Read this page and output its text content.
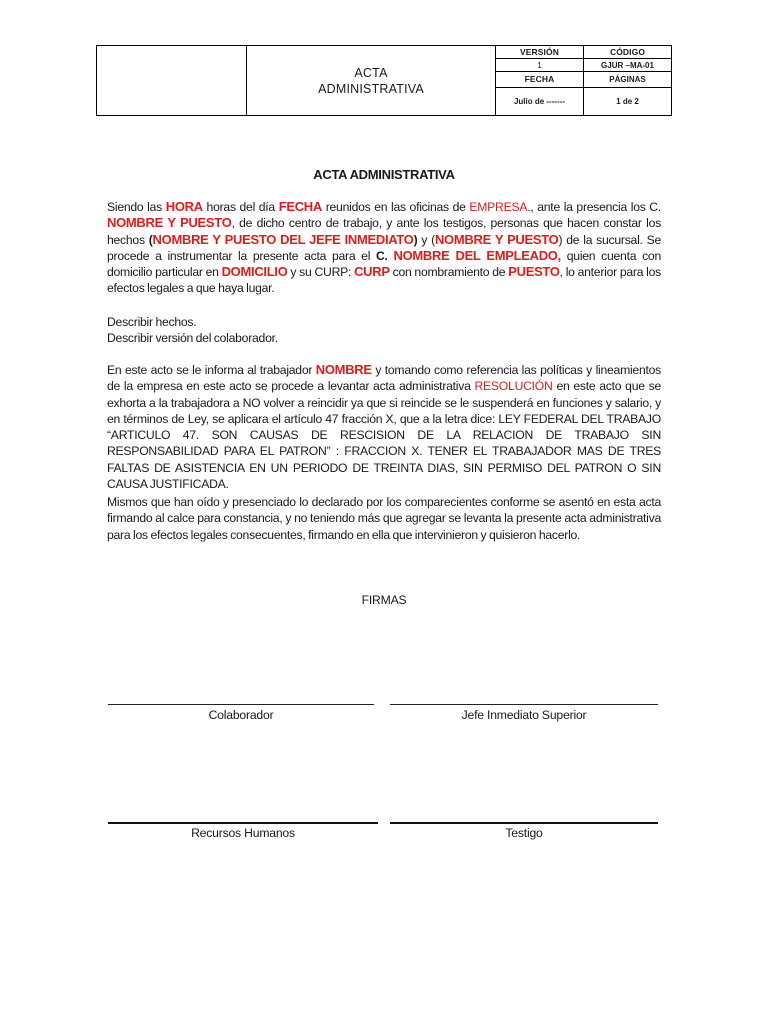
	ACTA
ADMINISTRATIVA	VERSIÓN	CÓDIGO
		1	GJUR –MA-01
		FECHA	PÁGINAS
		Julio de -------	1 de 2
ACTA ADMINISTRATIVA
Siendo las HORA horas del día FECHA reunidos en las oficinas de EMPRESA., ante la presencia los C. NOMBRE Y PUESTO, de dicho centro de trabajo, y ante los testigos, personas que hacen constar los hechos (NOMBRE Y PUESTO DEL JEFE INMEDIATO) y (NOMBRE Y PUESTO) de la sucursal. Se procede a instrumentar la presente acta para el C. NOMBRE DEL EMPLEADO, quien cuenta con domicilio particular en DOMICILIO y su CURP: CURP con nombramiento de PUESTO, lo anterior para los efectos legales a que haya lugar.
Describir hechos.
Describir versión del colaborador.
En este acto se le informa al trabajador NOMBRE y tomando como referencia las políticas y lineamientos de la empresa en este acto se procede a levantar acta administrativa RESOLUCIÓN en este acto que se exhorta a la trabajadora a NO volver a reincidir ya que si reincide se le suspenderá en funciones y salario, y en términos de Ley, se aplicara el artículo 47 fracción X, que a la letra dice: LEY FEDERAL DEL TRABAJO “ARTICULO 47. SON CAUSAS DE RESCISION DE LA RELACION DE TRABAJO SIN RESPONSABILIDAD PARA EL PATRON” : FRACCION X. TENER EL TRABAJADOR MAS DE TRES FALTAS DE ASISTENCIA EN UN PERIODO DE TREINTA DIAS, SIN PERMISO DEL PATRON O SIN CAUSA JUSTIFICADA.
Mismos que han oído y presenciado lo declarado por los comparecientes conforme se asentó en esta acta firmando al calce para constancia, y no teniendo más que agregar se levanta la presente acta administrativa para los efectos legales consecuentes, firmando en ella que intervinieron y quisieron hacerlo.
FIRMAS
Colaborador	Jefe Inmediato Superior
Recursos Humanos	Testigo
